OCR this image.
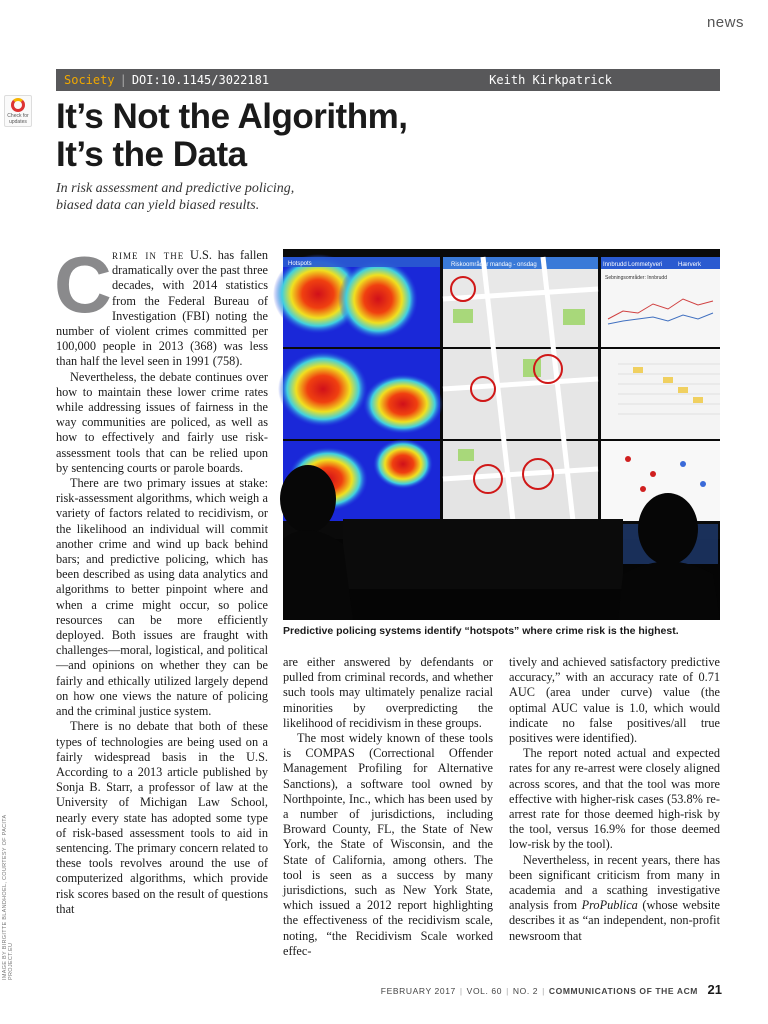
news
Society | DOI:10.1145/3022181	Keith Kirkpatrick
Check for
updates It’s Not the Algorithm,
It’s the Data
In risk assessment and predictive policing,
biased data can yield biased results.

C rime in the U.S. has fallen dramatically over the past three decades, with 2014 statistics from the Federal Bureau of Investigation (FBI) noting the number of violent crimes committed per 100,000 people in 2013 (368) was less than half the level seen in 1991 (758).

Nevertheless, the debate continues over how to maintain these lower crime rates while addressing issues of fairness in the way communities are policed, as well as how to effectively and fairly use risk-assessment tools that can be relied upon by sentencing courts or parole boards.

There are two primary issues at stake: risk-assessment algorithms, which weigh a variety of factors related to recidivism, or the likelihood an individual will commit another crime and wind up back behind bars; and predictive policing, which has been described as using data analytics and algorithms to better pinpoint where and when a crime might occur, so police resources can be more efficiently deployed. Both issues are fraught with challenges—moral, logistical, and political—and opinions on whether they can be fairly and ethically utilized largely depend on how one views the nature of policing and the criminal justice system.

There is no debate that both of these types of technologies are being used on a fairly widespread basis in the U.S. According to a 2013 article published by Sonja B. Starr, a professor of law at the University of Michigan Law School, nearly every state has adopted some type of risk-based assessment tools to aid in sentencing. The primary concern related to these tools revolves around the use of computerized algorithms, which provide risk scores based on the result of questions that

Hotspots	Riskoområder mandag - onsdag	Innbrudd Lommetyveri	Hærverk
Sebningsområder: Innbrudd
Predictive policing systems identify “hotspots” where crime risk is the highest.
IMAGE BY BIRGITTE BLANDHOEL, COURTESY OF PACITA PROJECT.EU

are either answered by defendants or pulled from criminal records, and whether such tools may ultimately penalize racial minorities by overpredicting the likelihood of recidivism in these groups.

The most widely known of these tools is COMPAS (Correctional Offender Management Profiling for Alternative Sanctions), a software tool owned by Northpointe, Inc., which has been used by a number of jurisdictions, including Broward County, FL, the State of New York, the State of Wisconsin, and the State of California, among others. The tool is seen as a success by many jurisdictions, such as New York State, which issued a 2012 report highlighting the effectiveness of the recidivism scale, noting, “the Recidivism Scale worked effec-

tively and achieved satisfactory predictive accuracy,” with an accuracy rate of 0.71 AUC (area under curve) value (the optimal AUC value is 1.0, which would indicate no false positives/all true positives were identified).

The report noted actual and expected rates for any re-arrest were closely aligned across scores, and that the tool was more effective with higher-risk cases (53.8% re-arrest rate for those deemed high-risk by the tool, versus 16.9% for those deemed low-risk by the tool).

Nevertheless, in recent years, there has been significant criticism from many in academia and a scathing investigative analysis from ProPublica (whose website describes it as “an independent, non-profit newsroom that

FEBRUARY 2017 | VOL. 60 | NO. 2 | COMMUNICATIONS OF THE ACM 21
